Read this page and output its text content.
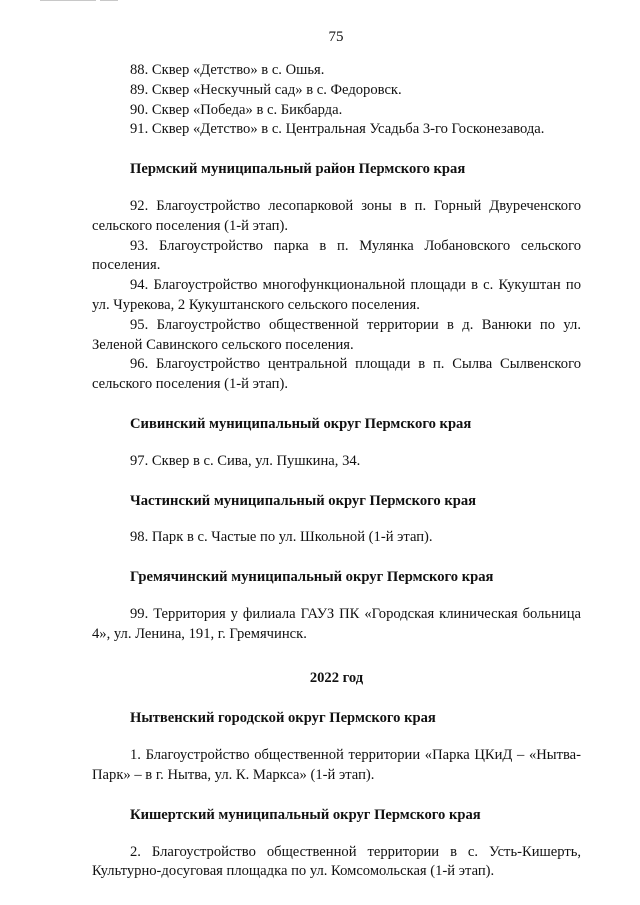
75

88. Сквер «Детство» в с. Ошья.

89. Сквер «Нескучный сад» в с. Федоровск.

90. Сквер «Победа» в с. Бикбарда.

91. Сквер «Детство» в с. Центральная Усадьба 3-го Госконезавода.

Пермский муниципальный район Пермского края

92. Благоустройство лесопарковой зоны в п. Горный Двуреченского сельского поселения (1-й этап).

93. Благоустройство парка в п. Мулянка Лобановского сельского поселения.

94. Благоустройство многофункциональной площади в с. Кукуштан по ул. Чурекова, 2 Кукуштанского сельского поселения.

95. Благоустройство общественной территории в д. Ванюки по ул. Зеленой Савинского сельского поселения.

96. Благоустройство центральной площади в п. Сылва Сылвенского сельского поселения (1-й этап).

Сивинский муниципальный округ Пермского края

97. Сквер в с. Сива, ул. Пушкина, 34.

Частинский муниципальный округ Пермского края

98. Парк в с. Частые по ул. Школьной (1-й этап).

Гремячинский муниципальный округ Пермского края

99. Территория у филиала ГАУЗ ПК «Городская клиническая больница 4», ул. Ленина, 191, г. Гремячинск.

2022 год

Нытвенский городской округ Пермского края

1. Благоустройство общественной территории «Парка ЦКиД – «Нытва-Парк» – в г. Нытва, ул. К. Маркса» (1-й этап).

Кишертский муниципальный округ Пермского края

2. Благоустройство общественной территории в с. Усть-Кишерть, Культурно-досуговая площадка по ул. Комсомольская (1-й этап).
